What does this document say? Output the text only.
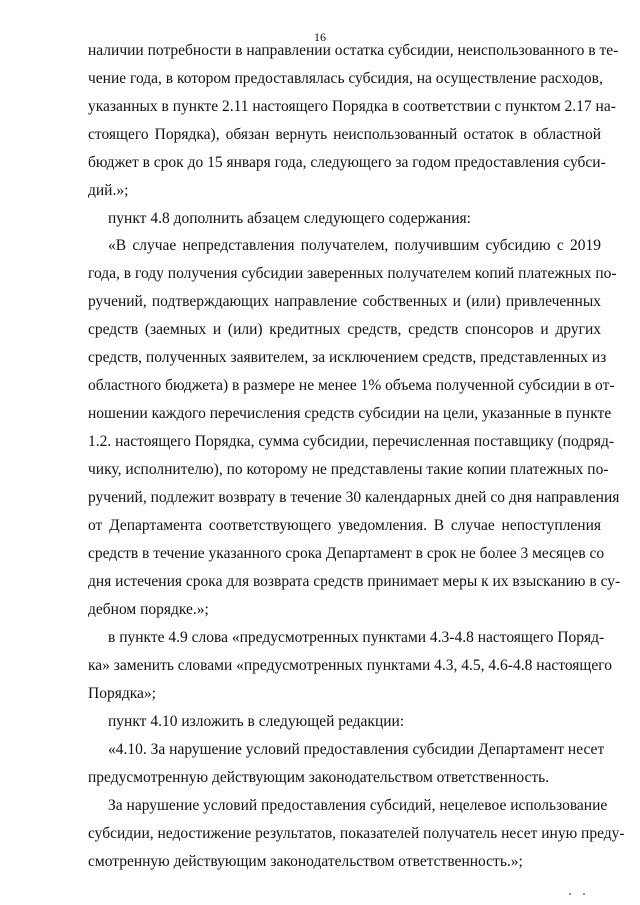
16
наличии потребности в направлении остатка субсидии, неиспользованного в те-
чение года, в котором предоставлялась субсидия, на осуществление расходов,
указанных в пункте 2.11 настоящего Порядка в соответствии с пунктом 2.17 на-
стоящего Порядка), обязан вернуть неиспользованный остаток в областной
бюджет в срок до 15 января года, следующего за годом предоставления субси-
дий.»;
пункт 4.8 дополнить абзацем следующего содержания:
«В случае непредставления получателем, получившим субсидию с 2019
года, в году получения субсидии заверенных получателем копий платежных по-
ручений, подтверждающих направление собственных и (или) привлеченных
средств (заемных и (или) кредитных средств, средств спонсоров и других
средств, полученных заявителем, за исключением средств, представленных из
областного бюджета) в размере не менее 1% объема полученной субсидии в от-
ношении каждого перечисления средств субсидии на цели, указанные в пункте
1.2. настоящего Порядка, сумма субсидии, перечисленная поставщику (подряд-
чику, исполнителю), по которому не представлены такие копии платежных по-
ручений, подлежит возврату в течение 30 календарных дней со дня направления
от Департамента соответствующего уведомления. В случае непоступления
средств в течение указанного срока Департамент в срок не более 3 месяцев со
дня истечения срока для возврата средств принимает меры к их взысканию в су-
дебном порядке.»;
в пункте 4.9 слова «предусмотренных пунктами 4.3-4.8 настоящего Поряд-
ка» заменить словами «предусмотренных пунктами 4.3, 4.5, 4.6-4.8 настоящего
Порядка»;
пункт 4.10 изложить в следующей редакции:
«4.10. За нарушение условий предоставления субсидии Департамент несет
предусмотренную действующим законодательством ответственность.
За нарушение условий предоставления субсидий, нецелевое использование
субсидии, недостижение результатов, показателей получатель несет иную преду-
смотренную действующим законодательством ответственность.»;
